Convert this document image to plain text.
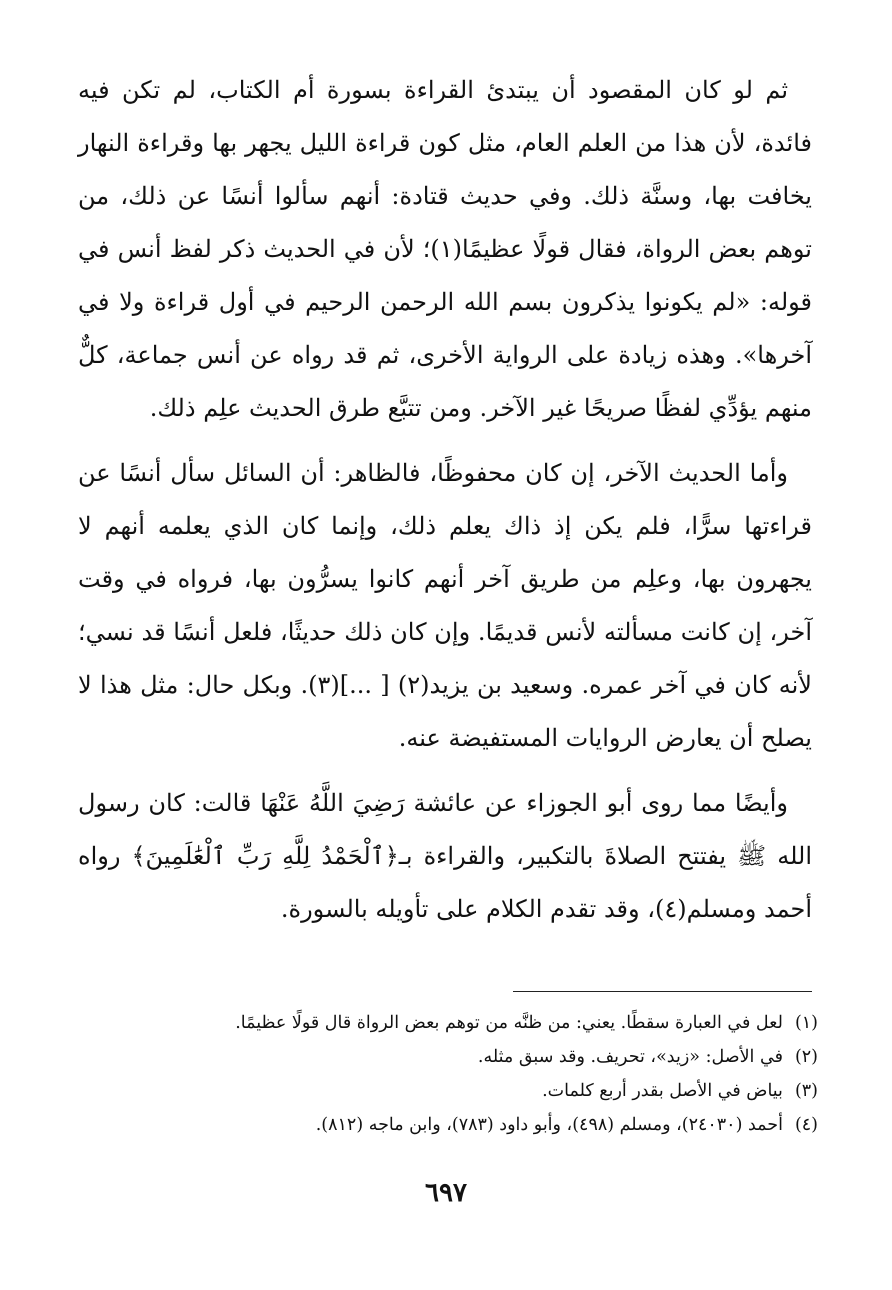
ثم لو كان المقصود أن يبتدئ القراءة بسورة أم الكتاب، لم تكن فيه فائدة، لأن هذا من العلم العام، مثل كون قراءة الليل يجهر بها وقراءة النهار يخافت بها، وسنَّة ذلك. وفي حديث قتادة: أنهم سألوا أنسًا عن ذلك، من توهم بعض الرواة، فقال قولًا عظيمًا(١)؛ لأن في الحديث ذكر لفظ أنس في قوله: «لم يكونوا يذكرون بسم الله الرحمن الرحيم في أول قراءة ولا في آخرها». وهذه زيادة على الرواية الأخرى، ثم قد رواه عن أنس جماعة، كلٌّ منهم يؤدِّي لفظًا صريحًا غير الآخر. ومن تتبَّع طرق الحديث علِم ذلك.

وأما الحديث الآخر، إن كان محفوظًا، فالظاهر: أن السائل سأل أنسًا عن قراءتها سرًّا، فلم يكن إذ ذاك يعلم ذلك، وإنما كان الذي يعلمه أنهم لا يجهرون بها، وعلِم من طريق آخر أنهم كانوا يسرُّون بها، فرواه في وقت آخر، إن كانت مسألته لأنس قديمًا. وإن كان ذلك حديثًا، فلعل أنسًا قد نسي؛ لأنه كان في آخر عمره. وسعيد بن يزيد(٢) [ ...](٣). وبكل حال: مثل هذا لا يصلح أن يعارض الروايات المستفيضة عنه.

وأيضًا مما روى أبو الجوزاء عن عائشة رَضِيَ اللَّهُ عَنْهَا قالت: كان رسول الله ﷺ يفتتح الصلاةَ بالتكبير، والقراءة بـ﴿ٱلْحَمْدُ لِلَّهِ رَبِّ ٱلْعَٰلَمِينَ﴾ رواه أحمد ومسلم(٤)، وقد تقدم الكلام على تأويله بالسورة.

(١)
لعل في العبارة سقطًا. يعني: من ظنَّه من توهم بعض الرواة قال قولًا عظيمًا.
(٢)
في الأصل: «زيد»، تحريف. وقد سبق مثله.
(٣)
بياض في الأصل بقدر أربع كلمات.
(٤)
أحمد (٢٤٠٣٠)، ومسلم (٤٩٨)، وأبو داود (٧٨٣)، وابن ماجه (٨١٢).
٦٩٧
